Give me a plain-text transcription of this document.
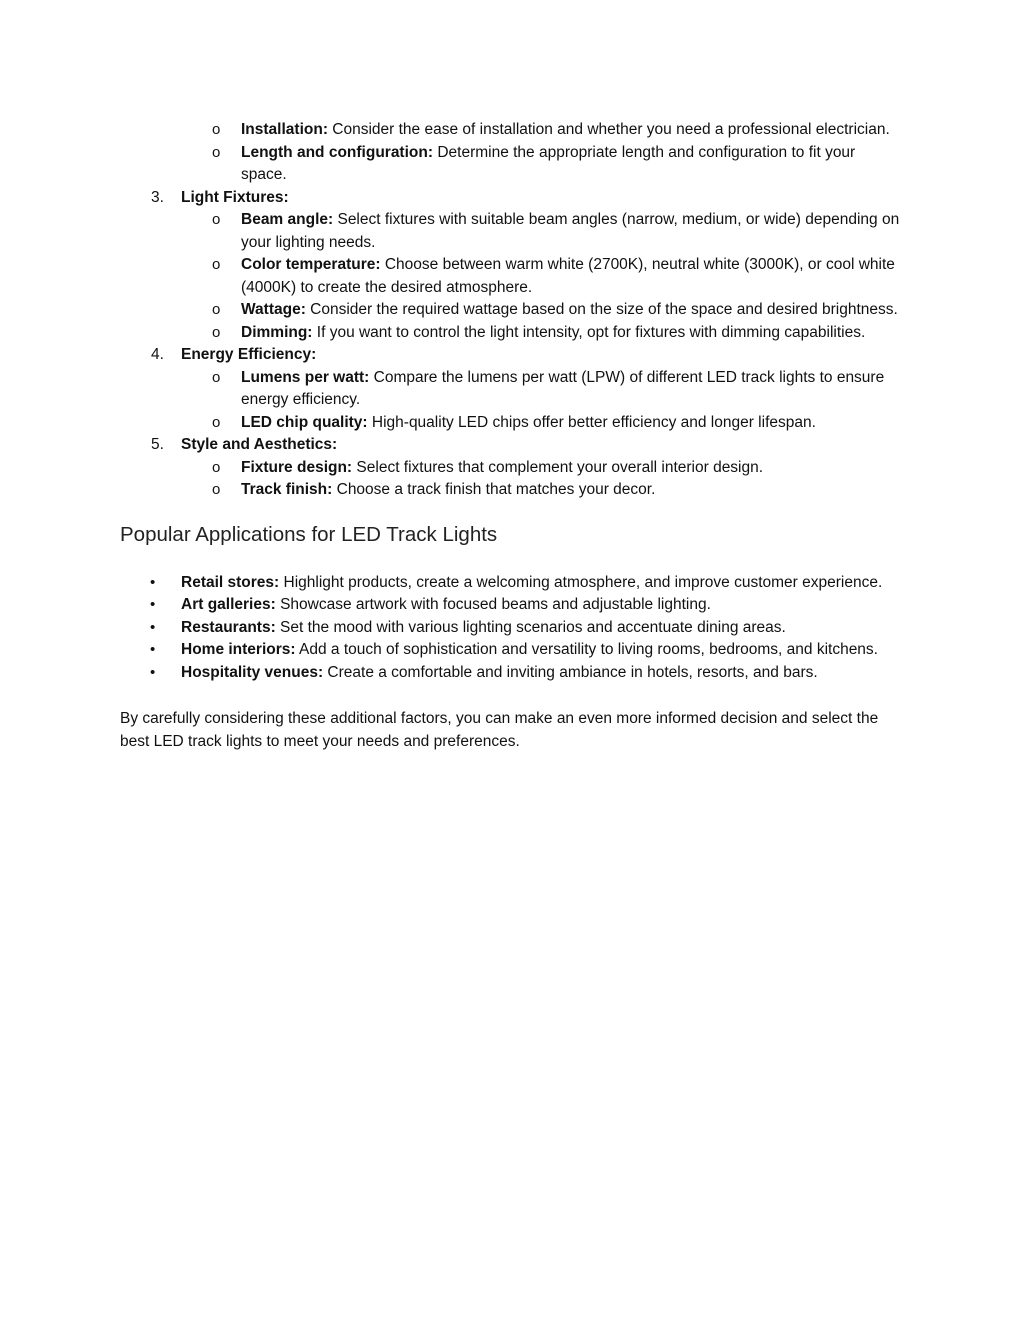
o Installation: Consider the ease of installation and whether you need a professional electrician.
o Length and configuration: Determine the appropriate length and configuration to fit your space.
3. Light Fixtures:
o Beam angle: Select fixtures with suitable beam angles (narrow, medium, or wide) depending on your lighting needs.
o Color temperature: Choose between warm white (2700K), neutral white (3000K), or cool white (4000K) to create the desired atmosphere.
o Wattage: Consider the required wattage based on the size of the space and desired brightness.
o Dimming: If you want to control the light intensity, opt for fixtures with dimming capabilities.
4. Energy Efficiency:
o Lumens per watt: Compare the lumens per watt (LPW) of different LED track lights to ensure energy efficiency.
o LED chip quality: High-quality LED chips offer better efficiency and longer lifespan.
5. Style and Aesthetics:
o Fixture design: Select fixtures that complement your overall interior design.
o Track finish: Choose a track finish that matches your decor.
Popular Applications for LED Track Lights
• Retail stores: Highlight products, create a welcoming atmosphere, and improve customer experience.
• Art galleries: Showcase artwork with focused beams and adjustable lighting.
• Restaurants: Set the mood with various lighting scenarios and accentuate dining areas.
• Home interiors: Add a touch of sophistication and versatility to living rooms, bedrooms, and kitchens.
• Hospitality venues: Create a comfortable and inviting ambiance in hotels, resorts, and bars.

By carefully considering these additional factors, you can make an even more informed decision and select the best LED track lights to meet your needs and preferences.
